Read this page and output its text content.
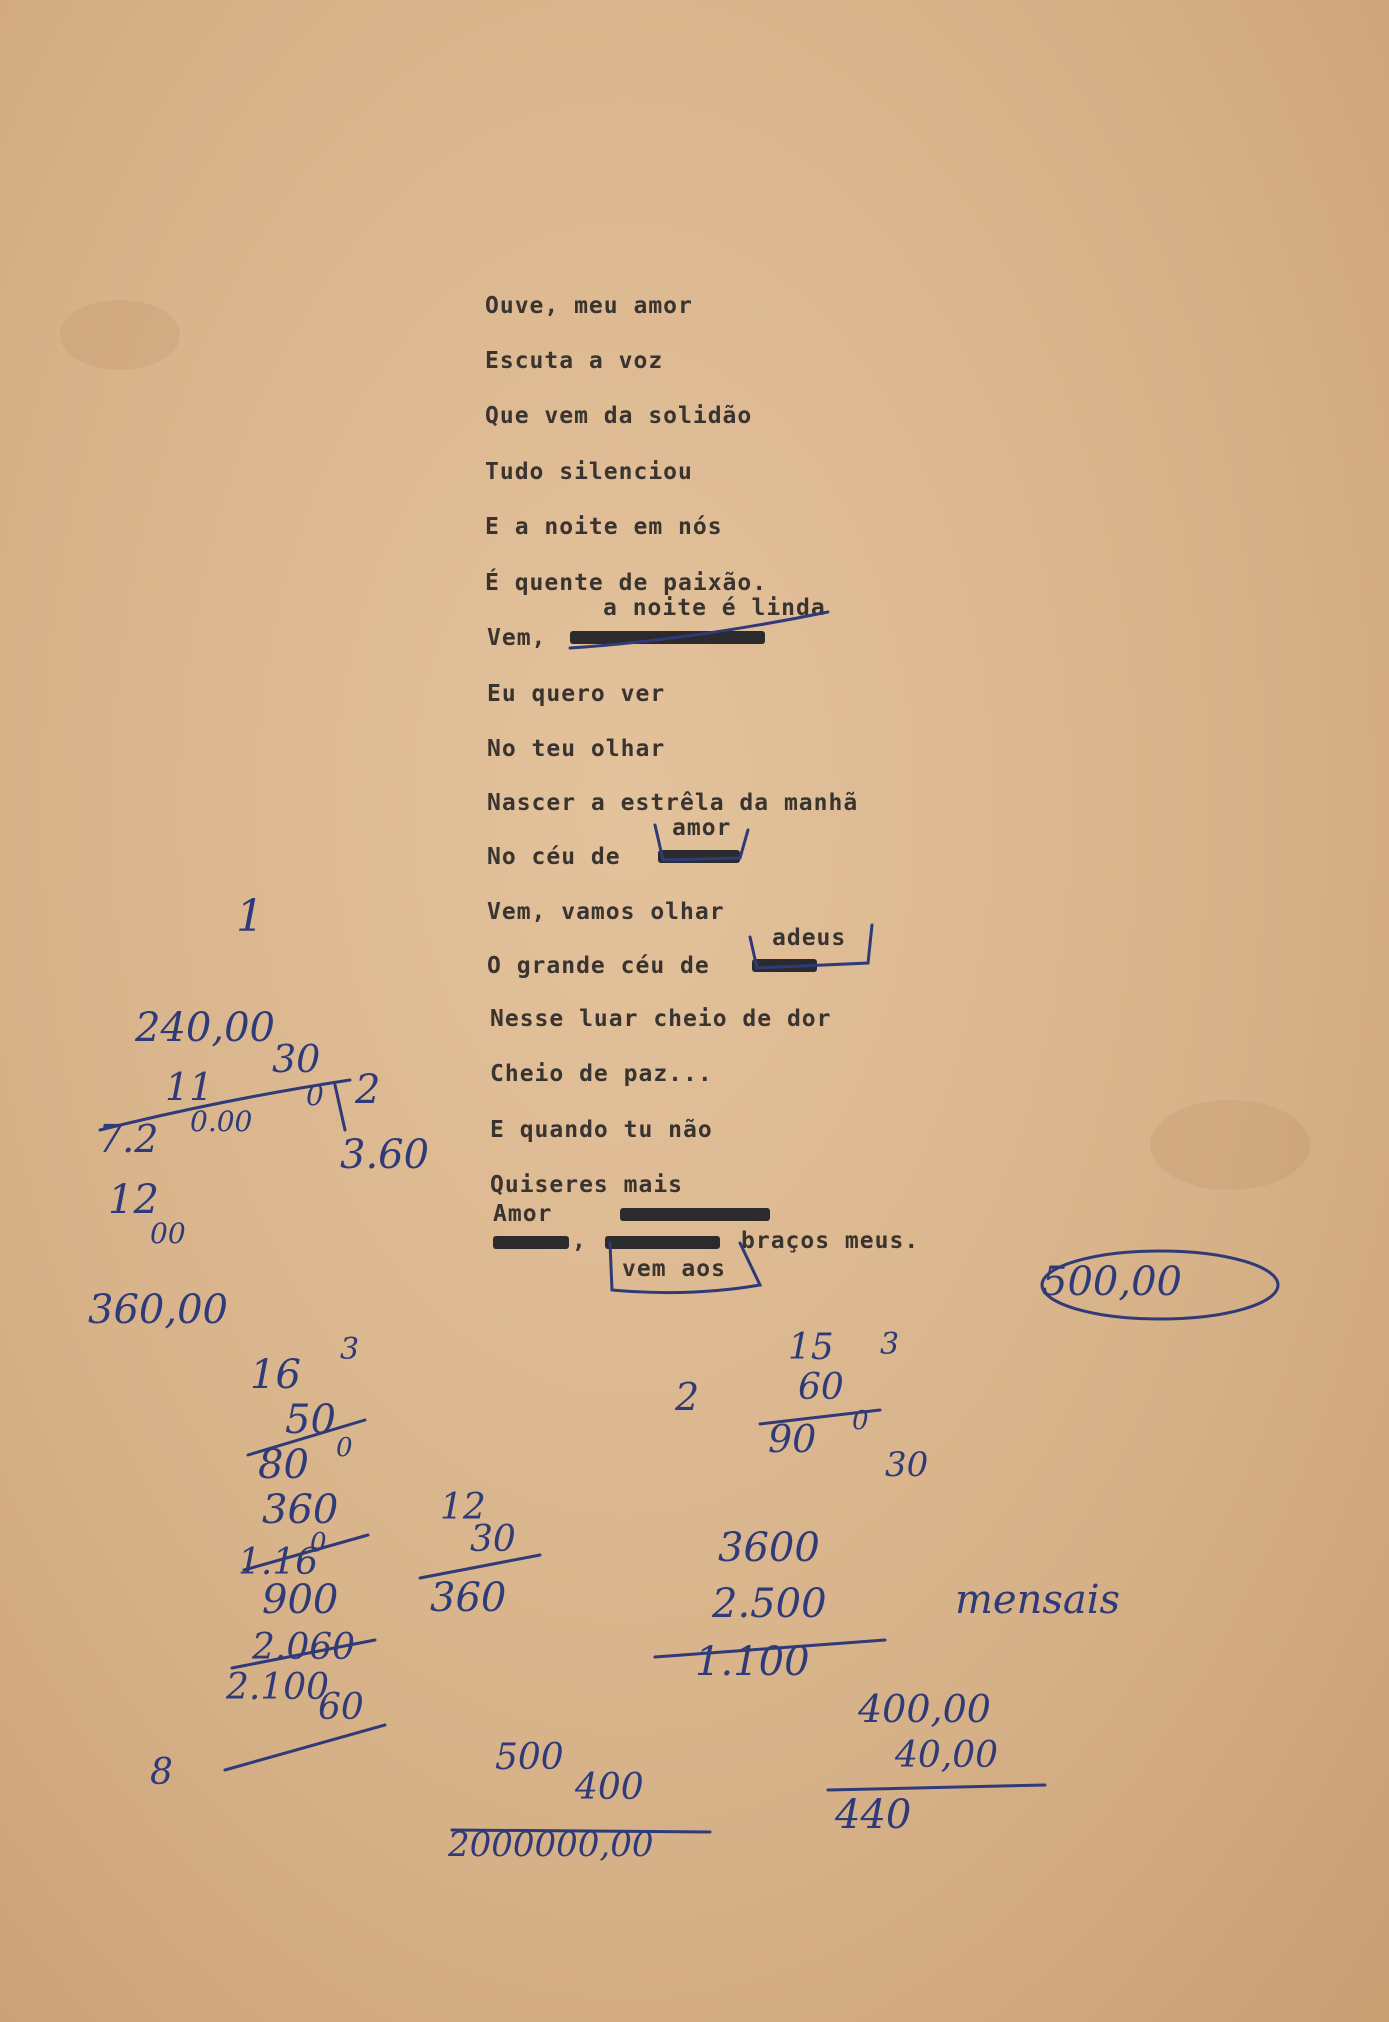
Ouve, meu amor
Escuta a voz
Que vem da solidão
Tudo silenciou
E a noite em nós
É quente de paixão.
a noite é linda
Vem,
Eu quero ver
No teu olhar
Nascer a estrêla da manhã
amor
No céu de
Vem, vamos olhar
adeus
O grande céu de
Nesse luar cheio de dor
Cheio de paz...
E quando tu não
Quiseres mais
Amor
,	braços meus.
vem aos
1
240,00
11
30
7.2 0.00
0 2
3.60
12
00
360,00
16
3
50
80 0
360
1.16
0
900
2.060
2.100
60
8
12
30
360
500
400
2000000,00
500,00
2
15 3
60
90 0
30
3600
2.500	mensais
1.100
400,00
40,00
440
